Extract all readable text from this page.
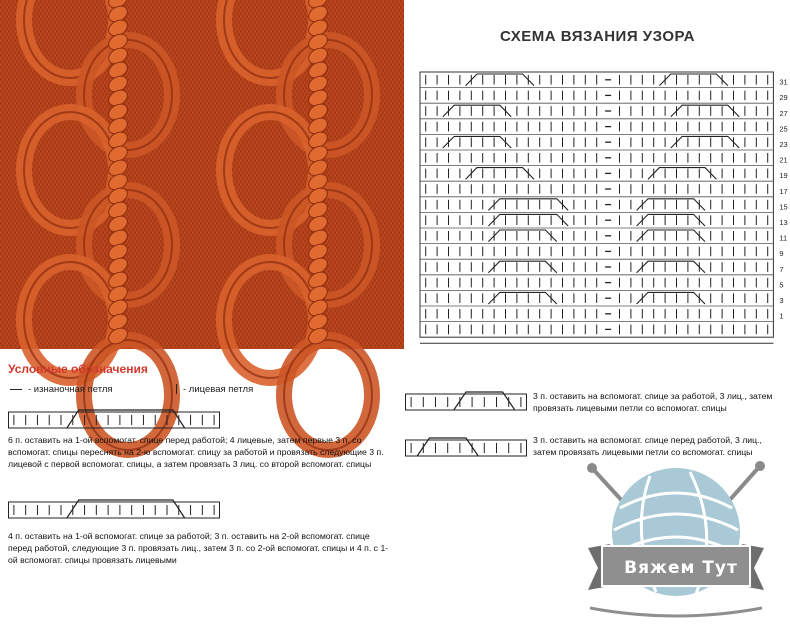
СХЕМА ВЯЗАНИЯ УЗОРА
31
29
27
25
23
21
19
17
15
13
11
9
7
5
3
1
Условные обозначения
- изнаночная петля	- лицевая петля
6 п. оставить на 1-ой вспомогат. спице перед работой; 4 лицевые, затем первые 3 п. со вспомогат. спицы переснять на 2-ю вспомогат. спицу за работой и провязать следующие 3 п. лицевой с первой вспомогат. спицы, а затем провязать 3 лиц. со второй вспомогат. спицы
4 п. оставить на 1-ой вспомогат. спице за работой; 3 п. оставить на 2-ой вспомогат. спице перед работой, следующие 3 п. провязать лиц., затем 3 п. со 2-ой вспомогат. спицы и 4 п. с 1-ой вспомогат. спицы провязать лицевыми
3 п. оставить на вспомогат. спице за работой, 3 лиц., затем провязать лицевыми петли со вспомогат. спицы
3 п. оставить на вспомогат. спице перед работой, 3 лиц., затем провязать лицевыми петли со вспомогат. спицы
Вяжем Тут
